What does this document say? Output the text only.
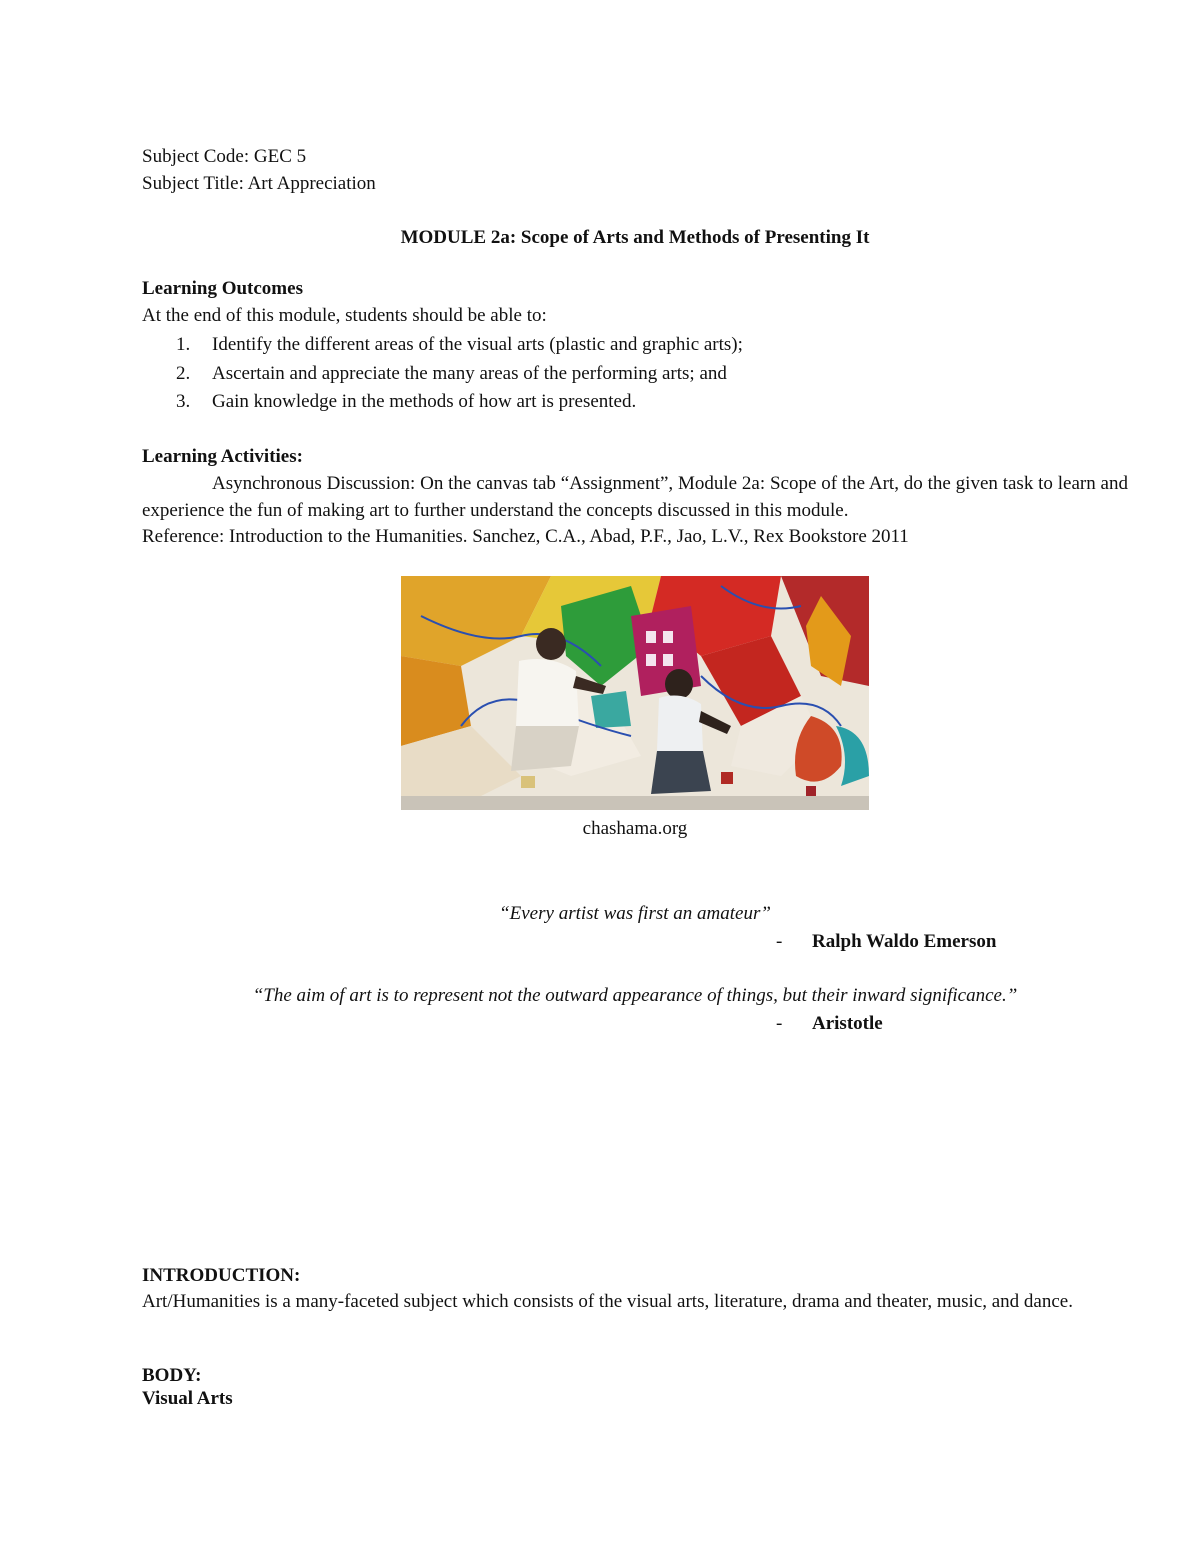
Subject Code: GEC 5
Subject Title: Art Appreciation
MODULE 2a: Scope of Arts and Methods of Presenting It
Learning Outcomes
At the end of this module, students should be able to:
1. Identify the different areas of the visual arts (plastic and graphic arts);
2. Ascertain and appreciate the many areas of the performing arts; and
3. Gain knowledge in the methods of how art is presented.
Learning Activities:
Asynchronous Discussion: On the canvas tab “Assignment”, Module 2a: Scope of the Art, do the given task to learn and experience the fun of making art to further understand the concepts discussed in this module.
Reference: Introduction to the Humanities. Sanchez, C.A., Abad, P.F., Jao, L.V., Rex Bookstore 2011
chashama.org
“Every artist was first an amateur”
- Ralph Waldo Emerson
“The aim of art is to represent not the outward appearance of things, but their inward significance.”
- Aristotle
INTRODUCTION:
Art/Humanities is a many-faceted subject which consists of the visual arts, literature, drama and theater, music, and dance.
BODY:
Visual Arts
